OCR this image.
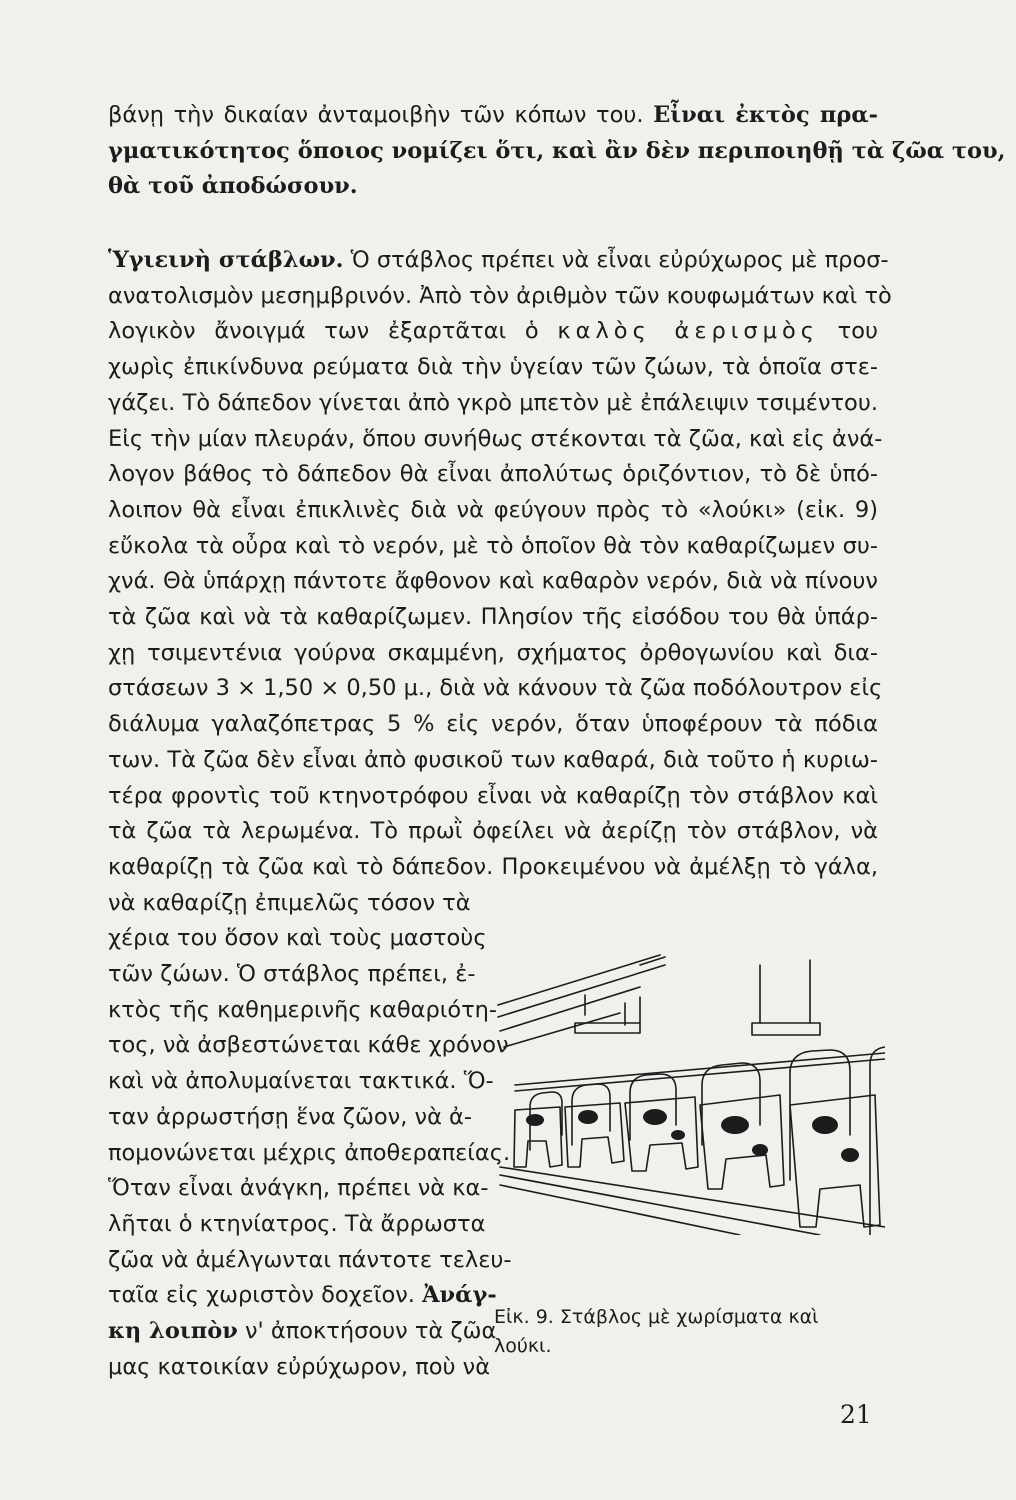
βάνῃ τὴν δικαίαν ἀνταμοιβὴν τῶν κόπων του. Εἶναι ἐκτὸς πρα-
γματικότητος ὅποιος νομίζει ὅτι, καὶ ἂν δὲν περιποιηθῇ τὰ ζῶα του,
θὰ τοῦ ἀποδώσουν.

Ὑγιεινὴ στάβλων. Ὁ στάβλος πρέπει νὰ εἶναι εὐρύχωρος μὲ προσ-
ανατολισμὸν μεσημβρινόν. Ἀπὸ τὸν ἀριθμὸν τῶν κουφωμάτων καὶ τὸ
λογικὸν ἄνοιγμά των ἐξαρτᾶται ὁ καλὸς ἀερισμὸς του
χωρὶς ἐπικίνδυνα ρεύματα διὰ τὴν ὑγείαν τῶν ζώων, τὰ ὁποῖα στε-
γάζει. Τὸ δάπεδον γίνεται ἀπὸ γκρὸ μπετὸν μὲ ἐπάλειψιν τσιμέντου.
Εἰς τὴν μίαν πλευράν, ὅπου συνήθως στέκονται τὰ ζῶα, καὶ εἰς ἀνά-
λογον βάθος τὸ δάπεδον θὰ εἶναι ἀπολύτως ὁριζόντιον, τὸ δὲ ὑπό-
λοιπον θὰ εἶναι ἐπικλινὲς διὰ νὰ φεύγουν πρὸς τὸ «λούκι» (εἰκ. 9)
εὔκολα τὰ οὖρα καὶ τὸ νερόν, μὲ τὸ ὁποῖον θὰ τὸν καθαρίζωμεν συ-
χνά. Θὰ ὑπάρχῃ πάντοτε ἄφθονον καὶ καθαρὸν νερόν, διὰ νὰ πίνουν
τὰ ζῶα καὶ νὰ τὰ καθαρίζωμεν. Πλησίον τῆς εἰσόδου του θὰ ὑπάρ-
χῃ τσιμεντένια γούρνα σκαμμένη, σχήματος ὀρθογωνίου καὶ δια-
στάσεων 3 × 1,50 × 0,50 μ., διὰ νὰ κάνουν τὰ ζῶα ποδόλουτρον εἰς
διάλυμα γαλαζόπετρας 5 % εἰς νερόν, ὅταν ὑποφέρουν τὰ πόδια
των. Τὰ ζῶα δὲν εἶναι ἀπὸ φυσικοῦ των καθαρά, διὰ τοῦτο ἡ κυριω-
τέρα φροντὶς τοῦ κτηνοτρόφου εἶναι νὰ καθαρίζῃ τὸν στάβλον καὶ
τὰ ζῶα τὰ λερωμένα. Τὸ πρωῒ ὀφείλει νὰ ἀερίζῃ τὸν στάβλον, νὰ
καθαρίζῃ τὰ ζῶα καὶ τὸ δάπεδον. Προκειμένου νὰ ἀμέλξῃ τὸ γάλα,
νὰ καθαρίζῃ ἐπιμελῶς τόσον τὰ
χέρια του ὅσον καὶ τοὺς μαστοὺς
τῶν ζώων. Ὁ στάβλος πρέπει, ἐ-
κτὸς τῆς καθημερινῆς καθαριότη-
τος, νὰ ἀσβεστώνεται κάθε χρόνον
καὶ νὰ ἀπολυμαίνεται τακτικά. Ὅ-
ταν ἀρρωστήσῃ ἕνα ζῶον, νὰ ἀ-
πομονώνεται μέχρις ἀποθεραπείας.
Ὅταν εἶναι ἀνάγκη, πρέπει νὰ κα-
λῆται ὁ κτηνίατρος. Τὰ ἄρρωστα
ζῶα νὰ ἀμέλγωνται πάντοτε τελευ-
ταῖα εἰς χωριστὸν δοχεῖον. Ἀνάγ-
κη λοιπὸν ν' ἀποκτήσουν τὰ ζῶα
μας κατοικίαν εὐρύχωρον, ποὺ νὰ

Εἰκ. 9. Στάβλος μὲ χωρίσματα καὶ
λούκι.

21
